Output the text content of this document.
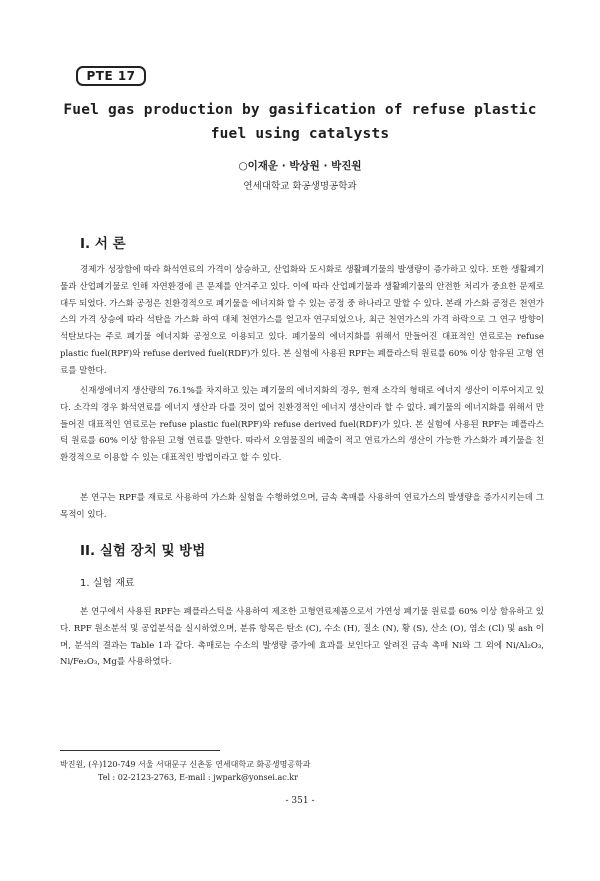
PTE 17
Fuel gas production by gasification of refuse plastic fuel using catalysts
○이재운 · 박상원 · 박진원
연세대학교 화공생명공학과
I. 서 론

경제가 성장함에 따라 화석연료의 가격이 상승하고, 산업화와 도시화로 생활폐기물의 발생량이 증가하고 있다. 또한 생활폐기물과 산업폐기물로 인해 자연환경에 큰 문제를 안겨주고 있다. 이에 따라 산업폐기물과 생활폐기물의 안전한 처리가 중요한 문제로 대두 되었다. 가스화 공정은 친환경적으로 폐기물을 에너지화 할 수 있는 공정 중 하나라고 말할 수 있다. 본래 가스화 공정은 천연가스의 가격 상승에 따라 석탄을 가스화 하여 대체 천연가스를 얻고자 연구되었으나, 최근 천연가스의 가격 하락으로 그 연구 방향이 석탄보다는 주로 폐기물 에너지화 공정으로 이용되고 있다. 폐기물의 에너지화를 위해서 만들어진 대표적인 연료로는 refuse plastic fuel(RPF)와 refuse derived fuel(RDF)가 있다. 본 실험에 사용된 RPF는 폐플라스틱 원료를 60% 이상 함유된 고형 연료를 말한다.

신재생에너지 생산량의 76.1%를 차지하고 있는 폐기물의 에너지화의 경우, 현재 소각의 형태로 에너지 생산이 이루어지고 있다. 소각의 경우 화석연료를 에너지 생산과 다를 것이 없어 친환경적인 에너지 생산이라 할 수 없다. 폐기물의 에너지화를 위해서 만들어진 대표적인 연료로는 refuse plastic fuel(RPF)와 refuse derived fuel(RDF)가 있다. 본 실험에 사용된 RPF는 폐플라스틱 원료를 60% 이상 함유된 고형 연료를 말한다. 따라서 오염물질의 배출이 적고 연료가스의 생산이 가능한 가스화가 폐기물을 친환경적으로 이용할 수 있는 대표적인 방법이라고 할 수 있다.

본 연구는 RPF를 재료로 사용하여 가스화 실험을 수행하였으며, 금속 촉매를 사용하여 연료가스의 발생량을 증가시키는데 그 목적이 있다.

II. 실험 장치 및 방법
1. 실험 재료

본 연구에서 사용된 RPF는 폐플라스틱을 사용하여 제조한 고형연료제품으로서 가연성 폐기물 원료를 60% 이상 함유하고 있다. RPF 원소분석 및 공업분석을 실시하였으며, 분류 항목은 탄소 (C), 수소 (H), 질소 (N), 황 (S), 산소 (O), 염소 (Cl) 및 ash 이며, 분석의 결과는 Table 1과 같다. 촉매로는 수소의 발생량 증가에 효과를 보인다고 알려진 금속 촉매 Ni와 그 외에 Ni/Al₂O₃, Ni/Fe₂O₃, Mg를 사용하였다.

박진원, (우)120-749 서울 서대문구 신촌동 연세대학교 화공생명공학과
Tel : 02-2123-2763, E-mail : jwpark@yonsei.ac.kr
- 351 -
